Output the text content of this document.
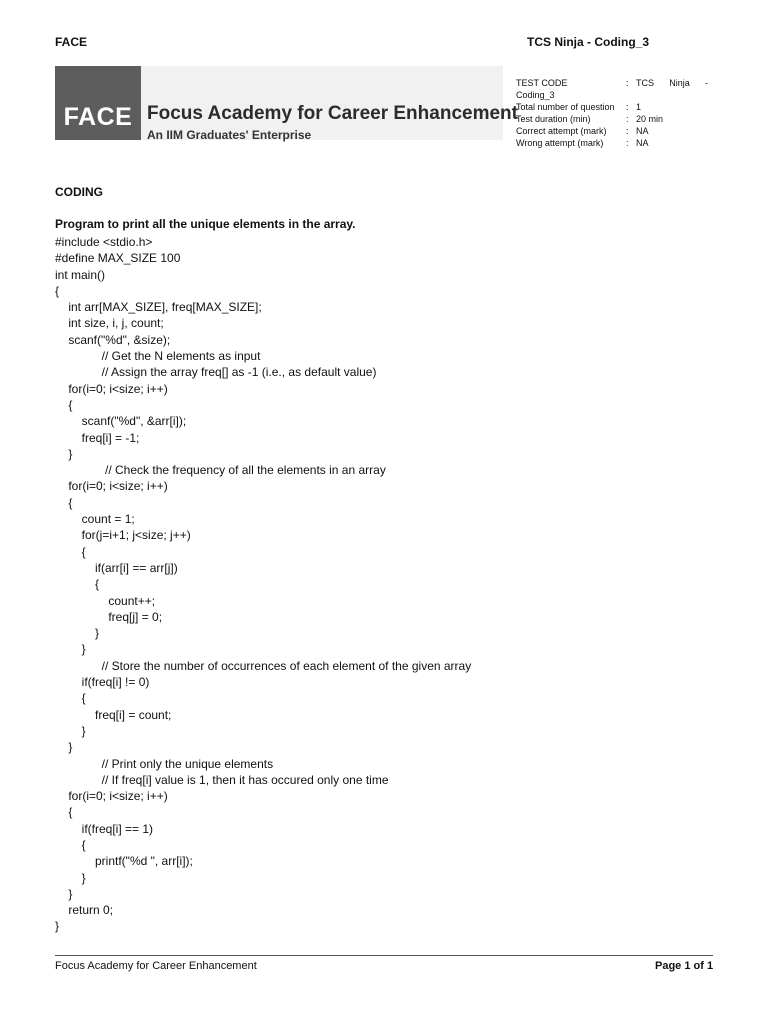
FACE	TCS Ninja - Coding_3
FACE Focus Academy for Career Enhancement
An IIM Graduates' Enterprise
TEST CODE	: TCS Ninja -
Coding_3
Total number of question : 1
Test duration (min)	: 20 min
Correct attempt (mark) : NA
Wrong attempt (mark)	: NA
CODING
Program to print all the unique elements in the array.
#include <stdio.h>
#define MAX_SIZE 100
int main()
{
int arr[MAX_SIZE], freq[MAX_SIZE];
int size, i, j, count;
scanf("%d", &size);
// Get the N elements as input
// Assign the array freq[] as -1 (i.e., as default value)
for(i=0; i<size; i++)
{
scanf("%d", &arr[i]);
freq[i] = -1;
}
// Check the frequency of all the elements in an array
for(i=0; i<size; i++)
{
count = 1;
for(j=i+1; j<size; j++)
{
if(arr[i] == arr[j])
{
count++;
freq[j] = 0;
}
}
// Store the number of occurrences of each element of the given array
if(freq[i] != 0)
{
freq[i] = count;
}
}
// Print only the unique elements
// If freq[i] value is 1, then it has occured only one time
for(i=0; i<size; i++)
{
if(freq[i] == 1)
{
printf("%d ", arr[i]);
}
}
return 0;
}
Focus Academy for Career Enhancement	Page 1 of 1
